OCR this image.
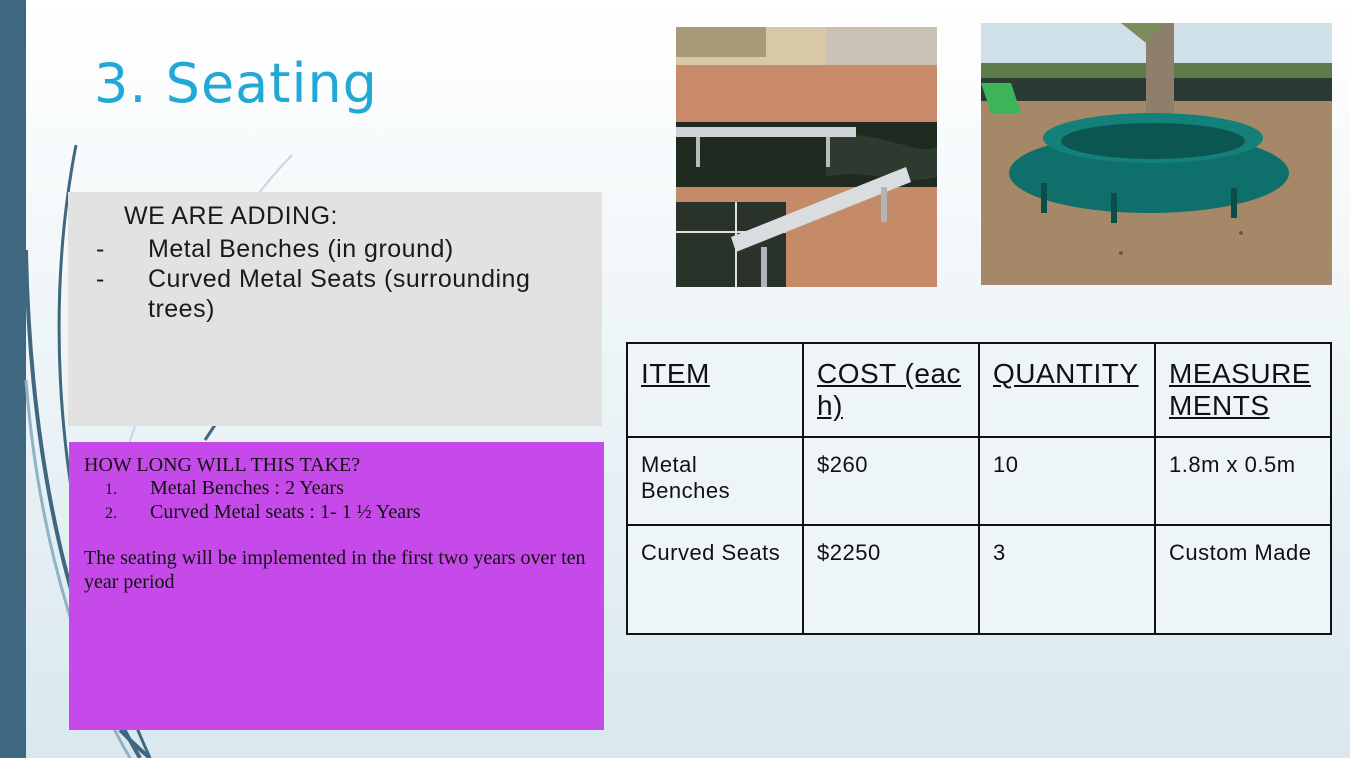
3. Seating
WE ARE ADDING:
- Metal Benches (in ground)
- Curved Metal Seats (surrounding trees)
HOW LONG WILL THIS TAKE?
1. Metal Benches : 2 Years
2. Curved Metal seats : 1- 1 ½ Years
The seating will be implemented in the first two years over ten year period
ITEM	COST (each)	QUANTITY	MEASUREMENTS
Metal Benches	$260	10	1.8m x 0.5m
Curved Seats	$2250	3	Custom Made
